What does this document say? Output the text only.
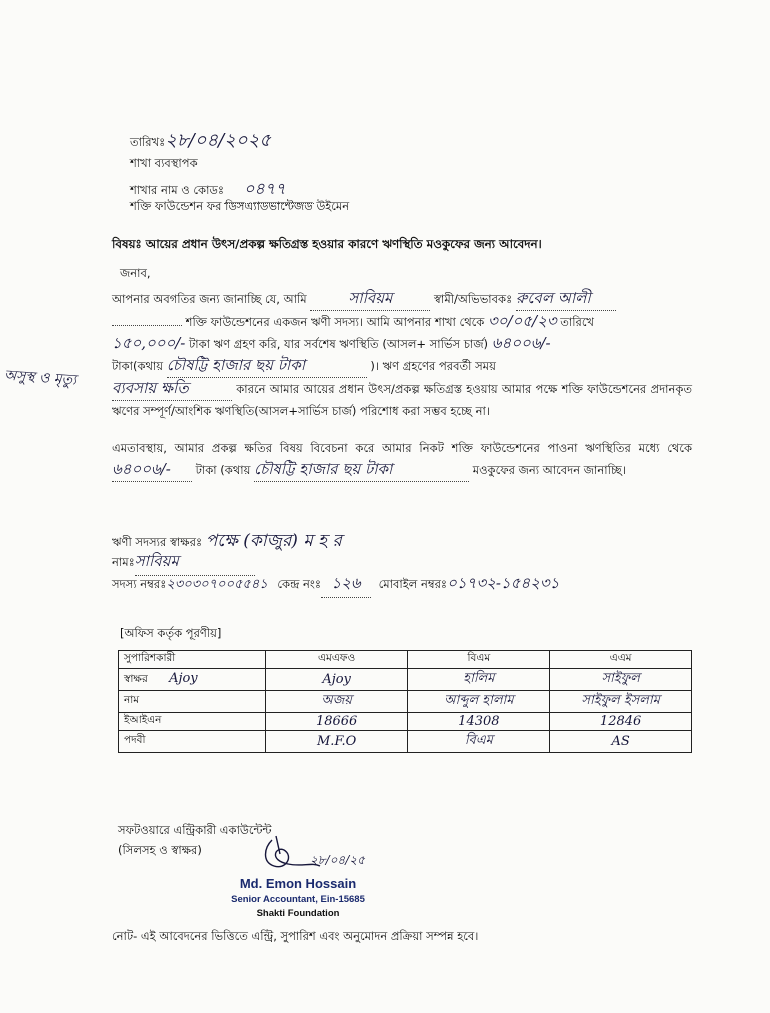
তারিখঃ২৮/০৪/২০২৫
শাখা ব্যবস্থাপক
শাখার নাম ও কোডঃ ০৪৭৭
শক্তি ফাউন্ডেশন ফর ডিসএ্যাডভান্টেজড উইমেন
বিষয়ঃ আয়ের প্রধান উৎস/প্রকল্প ক্ষতিগ্রস্ত হওয়ার কারণে ঋণস্থিতি মওকুফের জন্য আবেদন।
জনাব,
আপনার অবগতির জন্য জানাচ্ছি যে, আমি	সাবিয়ম	স্বামী/অভিভাবকঃ রুবেল আলী
শক্তি ফাউন্ডেশনের একজন ঋণী সদস্য। আমি আপনার শাখা থেকে ৩০/০৫/২৩ তারিখে
১৫০,০০০/- টাকা ঋণ গ্রহণ করি, যার সর্বশেষ ঋণস্থিতি (আসল+ সার্ভিস চার্জ) ৬৪০০৬/-
টাকা(কথায় চৌষট্টি হাজার ছয় টাকা	)। ঋণ গ্রহণের পরবর্তী সময়
ব্যবসায় ক্ষতি	কারনে আমার আয়ের প্রধান উৎস/প্রকল্প ক্ষতিগ্রস্ত হওয়ায় আমার পক্ষে শক্তি ফাউন্ডেশনের প্রদানকৃত ঋণের সম্পূর্ণ/আংশিক ঋণস্থিতি(আসল+সার্ভিস চার্জ) পরিশোধ করা সম্ভব হচ্ছে না।
অসুস্থ ও মৃত্যু
এমতাবস্থায়, আমার প্রকল্প ক্ষতির বিষয় বিবেচনা করে আমার নিকট শক্তি ফাউন্ডেশনের পাওনা ঋণস্থিতির মধ্যে থেকে ৬৪০০৬/- টাকা (কথায় চৌষট্টি হাজার ছয় টাকা	মওকুফের জন্য আবেদন জানাচ্ছি।
ঋণী সদস্যর স্বাক্ষরঃ পক্ষে (কাজুর) ম হ র
নামঃসাবিয়ম
সদস্য নম্বরঃ২৩০৩০৭০০৫৫৪১ কেন্দ্র নংঃ ১২৬ মোবাইল নম্বরঃ০১৭৩২-১৫৪২৩১
[অফিস কর্তৃক পূরণীয়]
সুপারিশকারী	এমএফও	বিএম	এএম
স্বাক্ষর Ajoy	Ajoy	হালিম	সাইফুল
নাম	অজয়	আব্দুল হালাম	সাইফুল ইসলাম
ইআইএন	18666	14308	12846
পদবী	M.F.O	বিএম	AS
সফটওয়ারে এন্ট্রিকারী একাউন্টেন্ট
(সিলসহ ও স্বাক্ষর)
২৮/০৪/২৫
Md. Emon Hossain
Senior Accountant, Ein-15685
Shakti Foundation
নোট- এই আবেদনের ভিত্তিতে এন্ট্রি, সুপারিশ এবং অনুমোদন প্রক্রিয়া সম্পন্ন হবে।
